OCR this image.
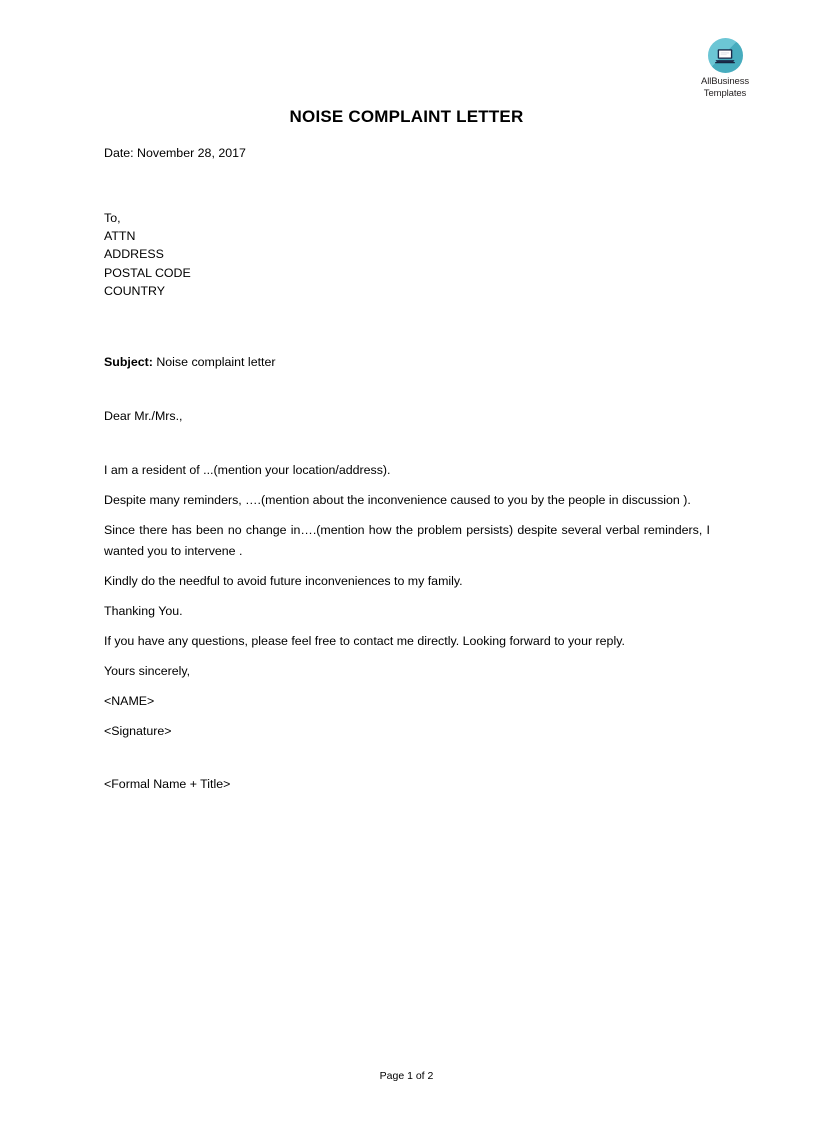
AllBusiness
Templates
NOISE COMPLAINT LETTER
Date: November 28, 2017
To,
ATTN
ADDRESS
POSTAL CODE
COUNTRY
Subject: Noise complaint letter
Dear Mr./Mrs.,
I am a resident of ...(mention your location/address).
Despite many reminders, ….(mention about the inconvenience caused to you by the people in discussion ).
Since there has been no change in….(mention how the problem persists) despite several verbal reminders, I wanted you to intervene .
Kindly do the needful to avoid future inconveniences to my family.
Thanking You.
If you have any questions, please feel free to contact me directly. Looking forward to your reply.
Yours sincerely,
<NAME>
<Signature>
<Formal Name + Title>
Page 1 of 2
